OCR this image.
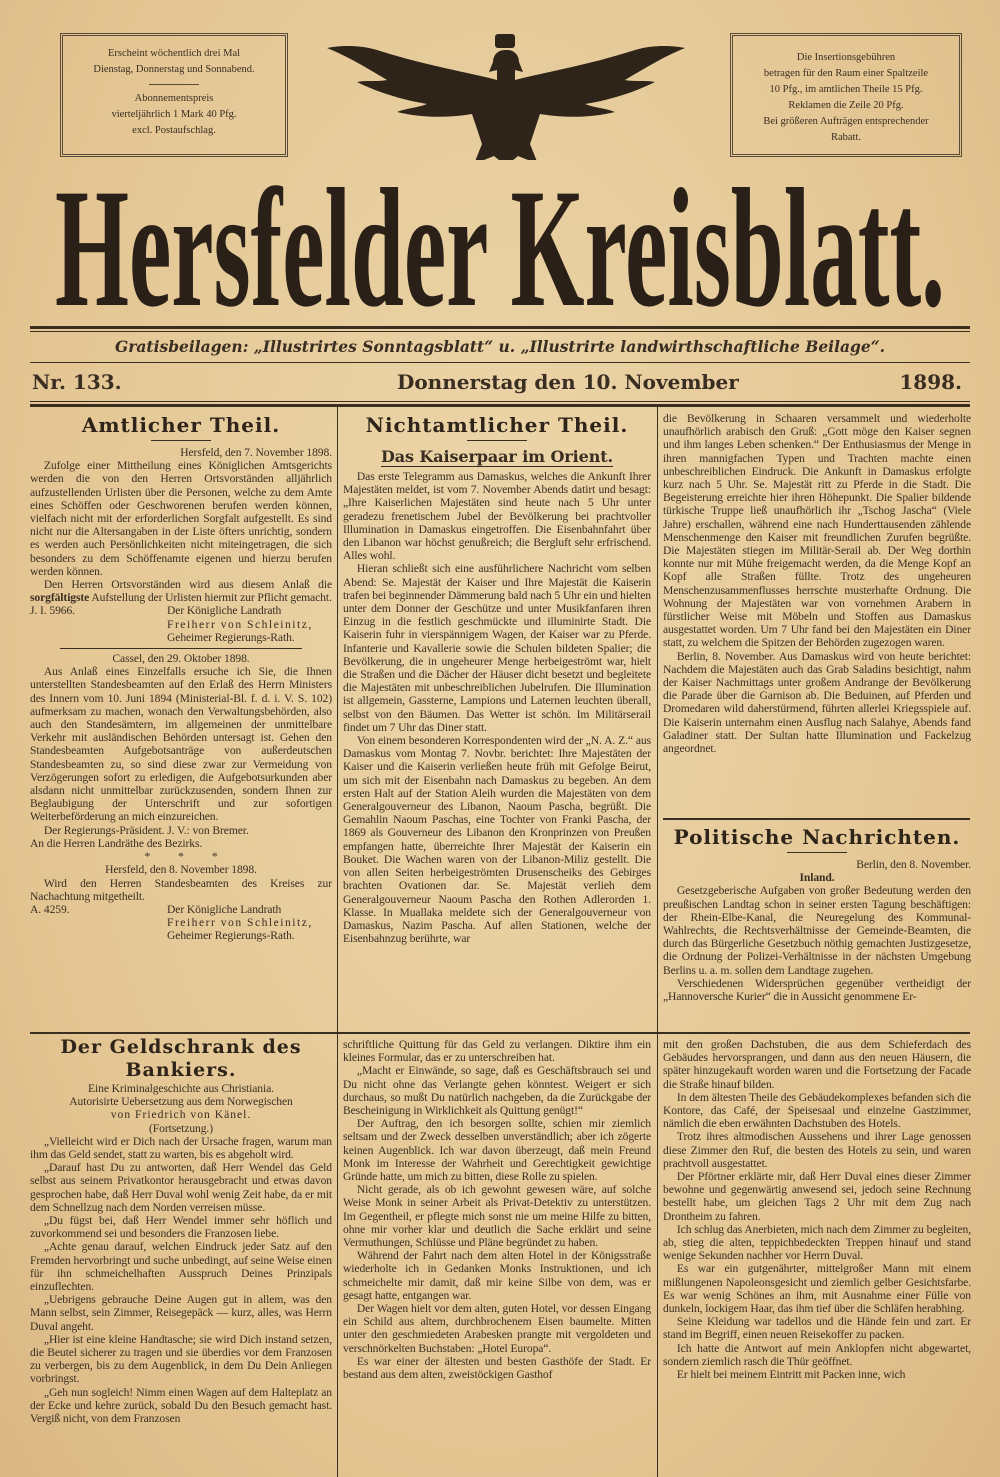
Erscheint wöchentlich drei Mal
Dienstag, Donnerstag und Sonnabend.
Abonnementspreis
vierteljährlich 1 Mark 40 Pfg.
excl. Postaufschlag.
Die Insertionsgebühren
betragen für den Raum einer Spaltzeile
10 Pfg., im amtlichen Theile 15 Pfg.
Reklamen die Zeile 20 Pfg.
Bei größeren Aufträgen entsprechender
Rabatt.
Hersfelder Kreisblatt.
Gratisbeilagen: „Illustrirtes Sonntagsblatt“ u. „Illustrirte landwirthschaftliche Beilage“.
Nr. 133.	Donnerstag den 10. November	1898.
Amtlicher Theil.

Hersfeld, den 7. November 1898.

Zufolge einer Mittheilung eines Königlichen Amtsgerichts werden die von den Herren Ortsvorständen alljährlich aufzustellenden Urlisten über die Personen, welche zu dem Amte eines Schöffen oder Geschworenen berufen werden können, vielfach nicht mit der erforderlichen Sorgfalt aufgestellt. Es sind nicht nur die Altersangaben in der Liste öfters unrichtig, sondern es werden auch Persönlichkeiten nicht miteingetragen, die sich besonders zu dem Schöffenamte eigenen und hierzu berufen werden können.

Den Herren Ortsvorständen wird aus diesem Anlaß die sorgfältigste Aufstellung der Urlisten hiermit zur Pflicht gemacht.

J. I. 5966.	Der Königliche Landrath
Freiherr von Schleinitz,
Geheimer Regierungs-Rath.

Cassel, den 29. Oktober 1898.

Aus Anlaß eines Einzelfalls ersuche ich Sie, die Ihnen unterstellten Standesbeamten auf den Erlaß des Herrn Ministers des Innern vom 10. Juni 1894 (Ministerial-Bl. f. d. i. V. S. 102) aufmerksam zu machen, wonach den Verwaltungsbehörden, also auch den Standesämtern, im allgemeinen der unmittelbare Verkehr mit ausländischen Behörden untersagt ist. Gehen den Standesbeamten Aufgebotsanträge von außerdeutschen Standesbeamten zu, so sind diese zwar zur Vermeidung von Verzögerungen sofort zu erledigen, die Aufgebotsurkunden aber alsdann nicht unmittelbar zurückzusenden, sondern Ihnen zur Beglaubigung der Unterschrift und zur sofortigen Weiterbeförderung an mich einzureichen.

Der Regierungs-Präsident. J. V.: von Bremer.

An die Herren Landräthe des Bezirks.

*          *          *

Hersfeld, den 8. November 1898.

Wird den Herren Standesbeamten des Kreises zur Nachachtung mitgetheilt.

A. 4259.	Der Königliche Landrath
Freiherr von Schleinitz,
Geheimer Regierungs-Rath.
Nichtamtlicher Theil.
Das Kaiserpaar im Orient.

Das erste Telegramm aus Damaskus, welches die Ankunft Ihrer Majestäten meldet, ist vom 7. November Abends datirt und besagt: „Ihre Kaiserlichen Majestäten sind heute nach 5 Uhr unter geradezu frenetischem Jubel der Bevölkerung bei prachtvoller Illumination in Damaskus eingetroffen. Die Eisenbahnfahrt über den Libanon war höchst genußreich; die Bergluft sehr erfrischend. Alles wohl.

Hieran schließt sich eine ausführlichere Nachricht vom selben Abend: Se. Majestät der Kaiser und Ihre Majestät die Kaiserin trafen bei beginnender Dämmerung bald nach 5 Uhr ein und hielten unter dem Donner der Geschütze und unter Musikfanfaren ihren Einzug in die festlich geschmückte und illuminirte Stadt. Die Kaiserin fuhr in vierspännigem Wagen, der Kaiser war zu Pferde. Infanterie und Kavallerie sowie die Schulen bildeten Spalier; die Bevölkerung, die in ungeheurer Menge herbeigeströmt war, hielt die Straßen und die Dächer der Häuser dicht besetzt und begleitete die Majestäten mit unbeschreiblichen Jubelrufen. Die Illumination ist allgemein, Gassterne, Lampions und Laternen leuchten überall, selbst von den Bäumen. Das Wetter ist schön. Im Militärserail findet um 7 Uhr das Diner statt.

Von einem besonderen Korrespondenten wird der „N. A. Z.“ aus Damaskus vom Montag 7. Novbr. berichtet: Ihre Majestäten der Kaiser und die Kaiserin verließen heute früh mit Gefolge Beirut, um sich mit der Eisenbahn nach Damaskus zu begeben. An dem ersten Halt auf der Station Aleih wurden die Majestäten von dem Generalgouverneur des Libanon, Naoum Pascha, begrüßt. Die Gemahlin Naoum Paschas, eine Tochter von Franki Pascha, der 1869 als Gouverneur des Libanon den Kronprinzen von Preußen empfangen hatte, überreichte Ihrer Majestät der Kaiserin ein Bouket. Die Wachen waren von der Libanon-Miliz gestellt. Die von allen Seiten herbeigeströmten Drusenscheiks des Gebirges brachten Ovationen dar. Se. Majestät verlieh dem Generalgouverneur Naoum Pascha den Rothen Adlerorden 1. Klasse. In Muallaka meldete sich der Generalgouverneur von Damaskus, Nazim Pascha. Auf allen Stationen, welche der Eisenbahnzug berührte, war

die Bevölkerung in Schaaren versammelt und wiederholte unaufhörlich arabisch den Gruß: „Gott möge den Kaiser segnen und ihm langes Leben schenken.“ Der Enthusiasmus der Menge in ihren mannigfachen Typen und Trachten machte einen unbeschreiblichen Eindruck. Die Ankunft in Damaskus erfolgte kurz nach 5 Uhr. Se. Majestät ritt zu Pferde in die Stadt. Die Begeisterung erreichte hier ihren Höhepunkt. Die Spalier bildende türkische Truppe ließ unaufhörlich ihr „Tschog Jascha“ (Viele Jahre) erschallen, während eine nach Hunderttausenden zählende Menschenmenge den Kaiser mit freundlichen Zurufen begrüßte. Die Majestäten stiegen im Militär-Serail ab. Der Weg dorthin konnte nur mit Mühe freigemacht werden, da die Menge Kopf an Kopf alle Straßen füllte. Trotz des ungeheuren Menschenzusammenflusses herrschte musterhafte Ordnung. Die Wohnung der Majestäten war von vornehmen Arabern in fürstlicher Weise mit Möbeln und Stoffen aus Damaskus ausgestattet worden. Um 7 Uhr fand bei den Majestäten ein Diner statt, zu welchem die Spitzen der Behörden zugezogen waren.

Berlin, 8. November. Aus Damaskus wird von heute berichtet: Nachdem die Majestäten auch das Grab Saladins besichtigt, nahm der Kaiser Nachmittags unter großem Andrange der Bevölkerung die Parade über die Garnison ab. Die Beduinen, auf Pferden und Dromedaren wild daherstürmend, führten allerlei Kriegsspiele auf. Die Kaiserin unternahm einen Ausflug nach Salahye, Abends fand Galadiner statt. Der Sultan hatte Illumination und Fackelzug angeordnet.

Politische Nachrichten.

Berlin, den 8. November.

Inland.

Gesetzgeberische Aufgaben von großer Bedeutung werden den preußischen Landtag schon in seiner ersten Tagung beschäftigen: der Rhein-Elbe-Kanal, die Neuregelung des Kommunal-Wahlrechts, die Rechtsverhältnisse der Gemeinde-Beamten, die durch das Bürgerliche Gesetzbuch nöthig gemachten Justizgesetze, die Ordnung der Polizei-Verhältnisse in der nächsten Umgebung Berlins u. a. m. sollen dem Landtage zugehen.

Verschiedenen Widersprüchen gegenüber vertheidigt der „Hannoversche Kurier“ die in Aussicht genommene Er-

Der Geldschrank des Bankiers.

Eine Kriminalgeschichte aus Christiania.

Autorisirte Uebersetzung aus dem Norwegischen

von Friedrich von Känel.

(Fortsetzung.)

„Vielleicht wird er Dich nach der Ursache fragen, warum man ihm das Geld sendet, statt zu warten, bis es abgeholt wird.

„Darauf hast Du zu antworten, daß Herr Wendel das Geld selbst aus seinem Privatkontor herausgebracht und etwas davon gesprochen habe, daß Herr Duval wohl wenig Zeit habe, da er mit dem Schnellzug nach dem Norden verreisen müsse.

„Du fügst bei, daß Herr Wendel immer sehr höflich und zuvorkommend sei und besonders die Franzosen liebe.

„Achte genau darauf, welchen Eindruck jeder Satz auf den Fremden hervorbringt und suche unbedingt, auf seine Weise einen für ihn schmeichelhaften Ausspruch Deines Prinzipals einzuflechten.

„Uebrigens gebrauche Deine Augen gut in allem, was den Mann selbst, sein Zimmer, Reisegepäck — kurz, alles, was Herrn Duval angeht.

„Hier ist eine kleine Handtasche; sie wird Dich instand setzen, die Beutel sicherer zu tragen und sie überdies vor dem Franzosen zu verbergen, bis zu dem Augenblick, in dem Du Dein Anliegen vorbringst.

„Geh nun sogleich! Nimm einen Wagen auf dem Halteplatz an der Ecke und kehre zurück, sobald Du den Besuch gemacht hast. Vergiß nicht, von dem Franzosen

schriftliche Quittung für das Geld zu verlangen. Diktire ihm ein kleines Formular, das er zu unterschreiben hat.

„Macht er Einwände, so sage, daß es Geschäftsbrauch sei und Du nicht ohne das Verlangte gehen könntest. Weigert er sich durchaus, so mußt Du natürlich nachgeben, da die Zurückgabe der Bescheinigung in Wirklichkeit als Quittung genügt!“

Der Auftrag, den ich besorgen sollte, schien mir ziemlich seltsam und der Zweck desselben unverständlich; aber ich zögerte keinen Augenblick. Ich war davon überzeugt, daß mein Freund Monk im Interesse der Wahrheit und Gerechtigkeit gewichtige Gründe hatte, um mich zu bitten, diese Rolle zu spielen.

Nicht gerade, als ob ich gewohnt gewesen wäre, auf solche Weise Monk in seiner Arbeit als Privat-Detektiv zu unterstützen. Im Gegentheil, er pflegte mich sonst nie um meine Hilfe zu bitten, ohne mir vorher klar und deutlich die Sache erklärt und seine Vermuthungen, Schlüsse und Pläne begründet zu haben.

Während der Fahrt nach dem alten Hotel in der Königsstraße wiederholte ich in Gedanken Monks Instruktionen, und ich schmeichelte mir damit, daß mir keine Silbe von dem, was er gesagt hatte, entgangen war.

Der Wagen hielt vor dem alten, guten Hotel, vor dessen Eingang ein Schild aus altem, durchbrochenem Eisen baumelte. Mitten unter den geschmiedeten Arabesken prangte mit vergoldeten und verschnörkelten Buchstaben: „Hotel Europa“.

Es war einer der ältesten und besten Gasthöfe der Stadt. Er bestand aus dem alten, zweistöckigen Gasthof

mit den großen Dachstuben, die aus dem Schieferdach des Gebäudes hervorsprangen, und dann aus den neuen Häusern, die später hinzugekauft worden waren und die Fortsetzung der Facade die Straße hinauf bilden.

In dem ältesten Theile des Gebäudekomplexes befanden sich die Kontore, das Café, der Speisesaal und einzelne Gastzimmer, nämlich die eben erwähnten Dachstuben des Hotels.

Trotz ihres altmodischen Aussehens und ihrer Lage genossen diese Zimmer den Ruf, die besten des Hotels zu sein, und waren prachtvoll ausgestattet.

Der Pförtner erklärte mir, daß Herr Duval eines dieser Zimmer bewohne und gegenwärtig anwesend sei, jedoch seine Rechnung bestellt habe, um gleichen Tags 2 Uhr mit dem Zug nach Drontheim zu fahren.

Ich schlug das Anerbieten, mich nach dem Zimmer zu begleiten, ab, stieg die alten, teppichbedeckten Treppen hinauf und stand wenige Sekunden nachher vor Herrn Duval.

Es war ein gutgenährter, mittelgroßer Mann mit einem mißlungenen Napoleonsgesicht und ziemlich gelber Gesichtsfarbe. Es war wenig Schönes an ihm, mit Ausnahme einer Fülle von dunkeln, lockigem Haar, das ihm tief über die Schläfen herabhing.

Seine Kleidung war tadellos und die Hände fein und zart. Er stand im Begriff, einen neuen Reisekoffer zu packen.

Ich hatte die Antwort auf mein Anklopfen nicht abgewartet, sondern ziemlich rasch die Thür geöffnet.

Er hielt bei meinem Eintritt mit Packen inne, wich
